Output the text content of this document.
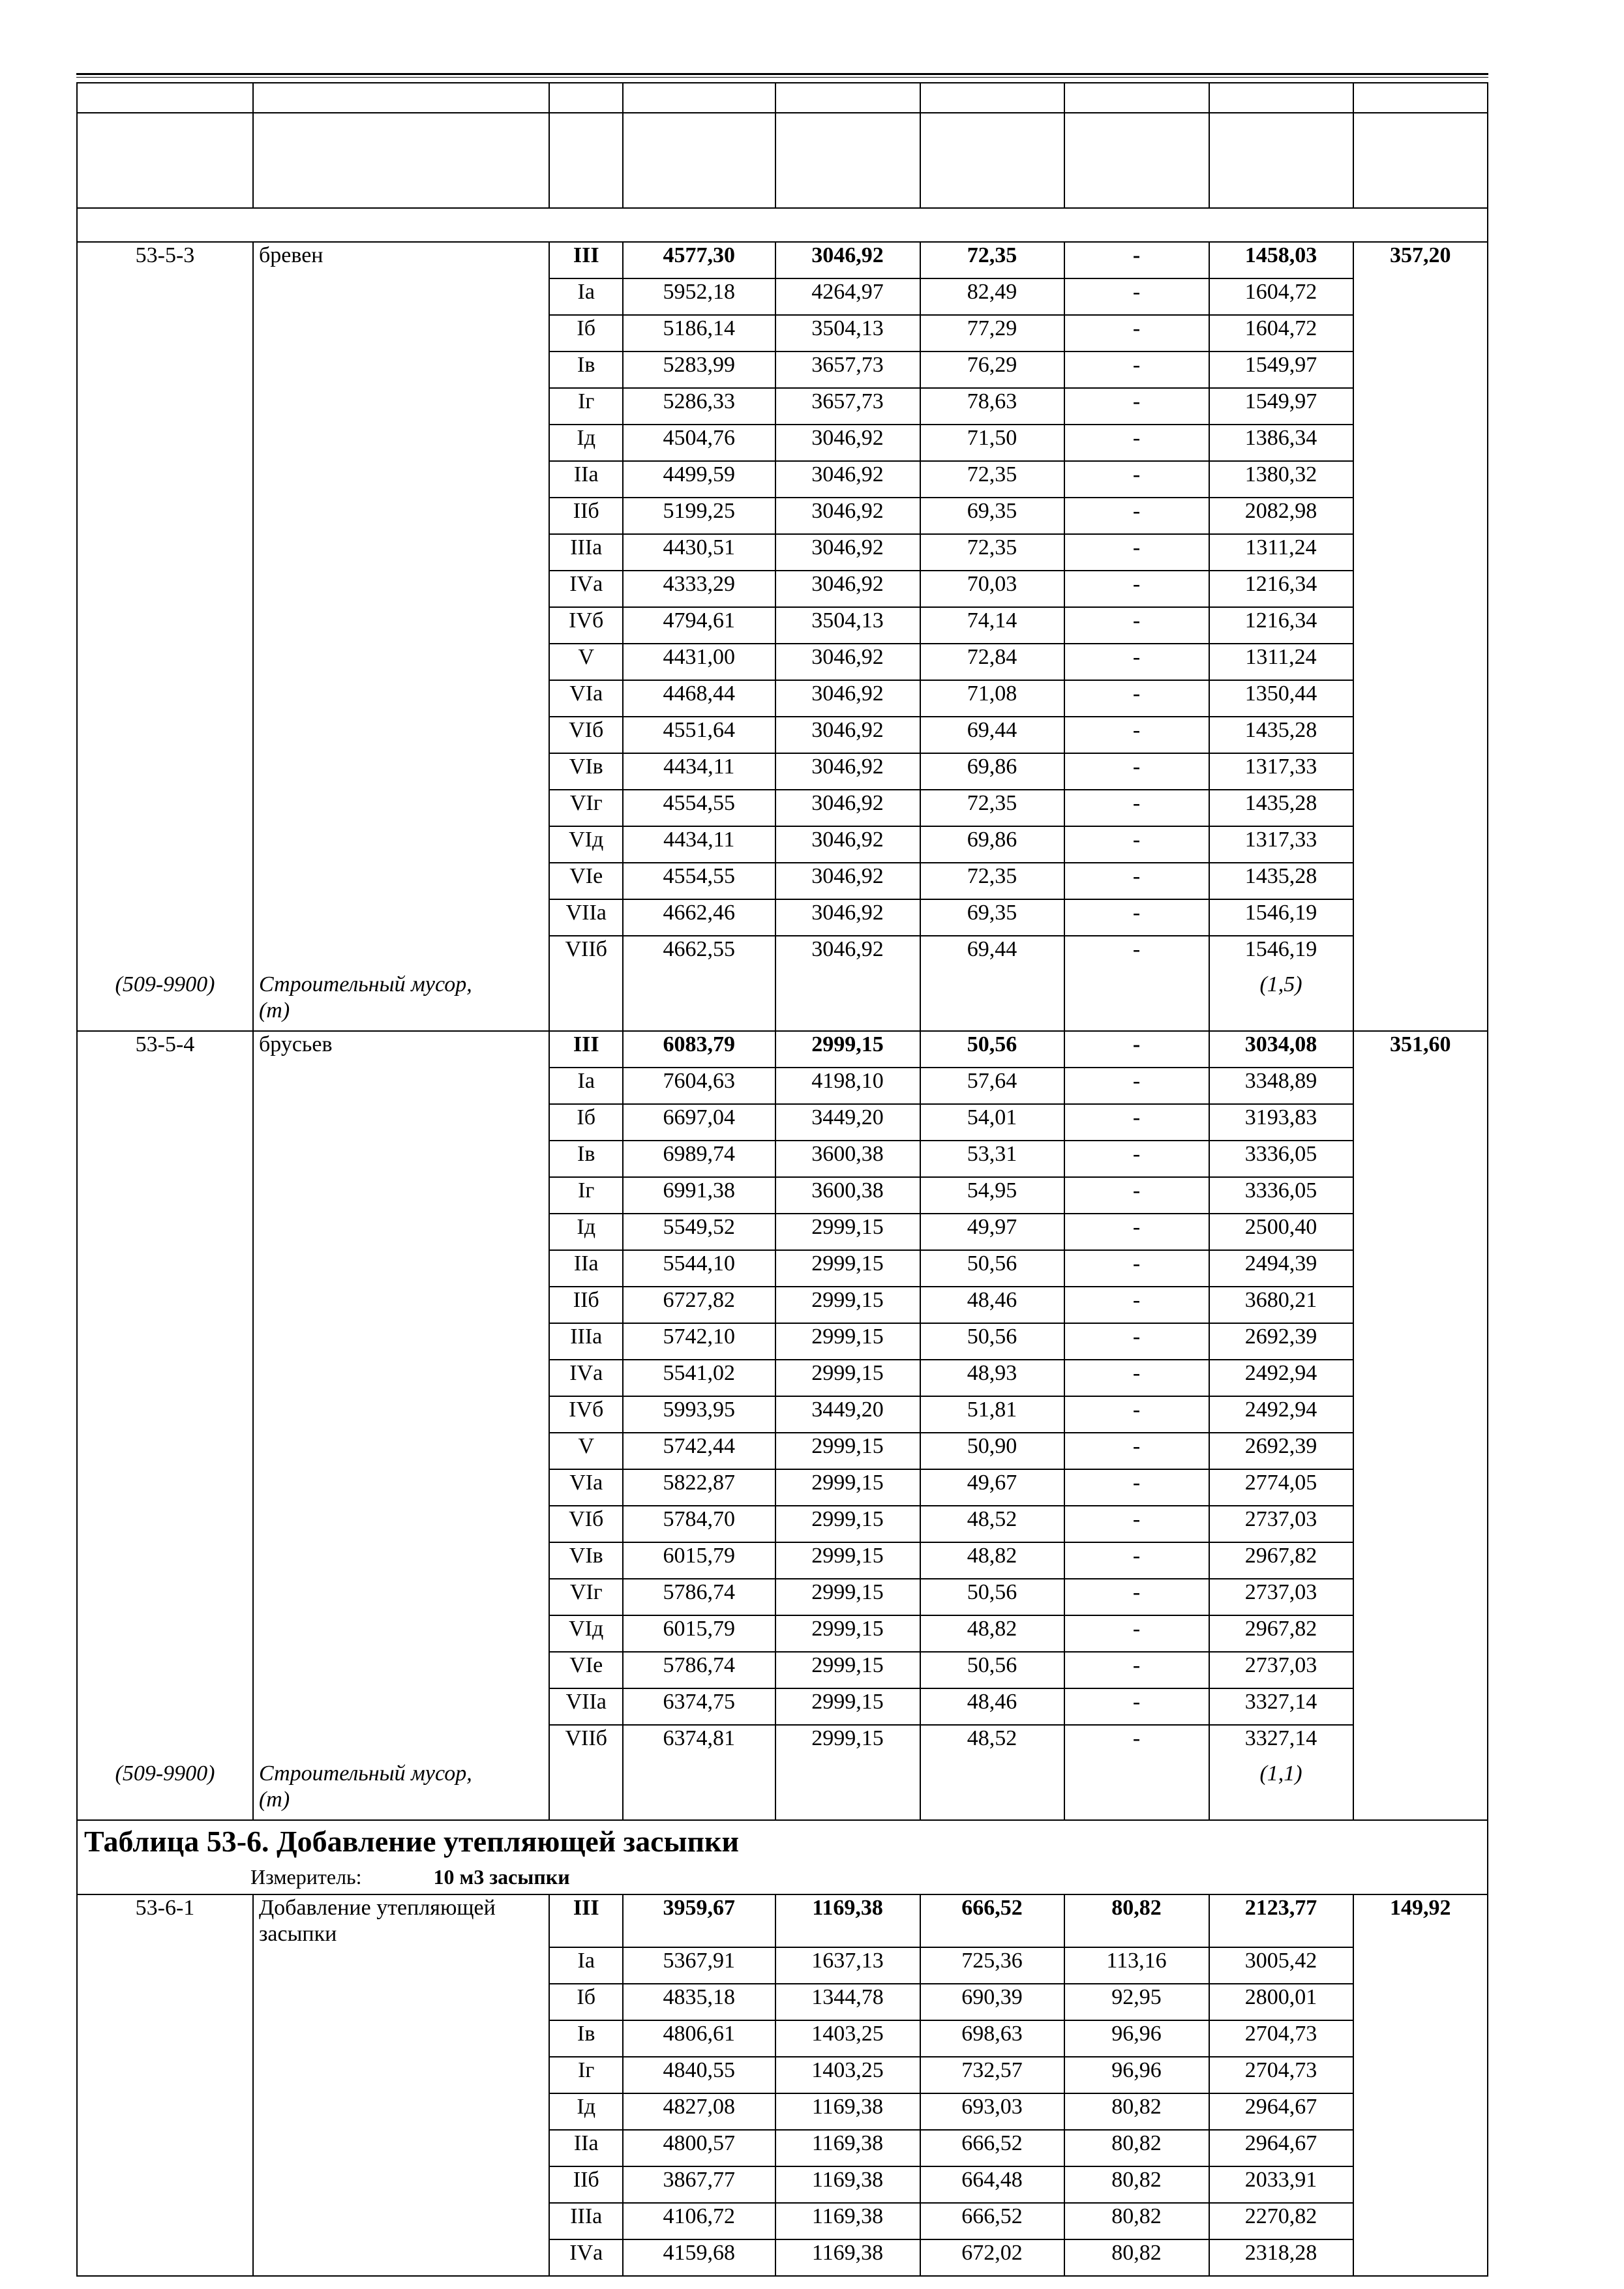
53-5-3	бревен	III	4577,30	3046,92	72,35	-	1458,03	357,20
		Iа	5952,18	4264,97	82,49	-	1604,72	
		Iб	5186,14	3504,13	77,29	-	1604,72	
		Iв	5283,99	3657,73	76,29	-	1549,97	
		Iг	5286,33	3657,73	78,63	-	1549,97	
		Iд	4504,76	3046,92	71,50	-	1386,34	
		IIа	4499,59	3046,92	72,35	-	1380,32	
		IIб	5199,25	3046,92	69,35	-	2082,98	
		IIIа	4430,51	3046,92	72,35	-	1311,24	
		IVа	4333,29	3046,92	70,03	-	1216,34	
		IVб	4794,61	3504,13	74,14	-	1216,34	
		V	4431,00	3046,92	72,84	-	1311,24	
		VIа	4468,44	3046,92	71,08	-	1350,44	
		VIб	4551,64	3046,92	69,44	-	1435,28	
		VIв	4434,11	3046,92	69,86	-	1317,33	
		VIг	4554,55	3046,92	72,35	-	1435,28	
		VIд	4434,11	3046,92	69,86	-	1317,33	
		VIе	4554,55	3046,92	72,35	-	1435,28	
		VIIа	4662,46	3046,92	69,35	-	1546,19	
		VIIб	4662,55	3046,92	69,44	-	1546,19	
(509-9900)	Строительный мусор, (т)						(1,5)	
53-5-4	брусьев	III	6083,79	2999,15	50,56	-	3034,08	351,60
		Iа	7604,63	4198,10	57,64	-	3348,89	
		Iб	6697,04	3449,20	54,01	-	3193,83	
		Iв	6989,74	3600,38	53,31	-	3336,05	
		Iг	6991,38	3600,38	54,95	-	3336,05	
		Iд	5549,52	2999,15	49,97	-	2500,40	
		IIа	5544,10	2999,15	50,56	-	2494,39	
		IIб	6727,82	2999,15	48,46	-	3680,21	
		IIIа	5742,10	2999,15	50,56	-	2692,39	
		IVа	5541,02	2999,15	48,93	-	2492,94	
		IVб	5993,95	3449,20	51,81	-	2492,94	
		V	5742,44	2999,15	50,90	-	2692,39	
		VIа	5822,87	2999,15	49,67	-	2774,05	
		VIб	5784,70	2999,15	48,52	-	2737,03	
		VIв	6015,79	2999,15	48,82	-	2967,82	
		VIг	5786,74	2999,15	50,56	-	2737,03	
		VIд	6015,79	2999,15	48,82	-	2967,82	
		VIе	5786,74	2999,15	50,56	-	2737,03	
		VIIа	6374,75	2999,15	48,46	-	3327,14	
		VIIб	6374,81	2999,15	48,52	-	3327,14	
(509-9900)	Строительный мусор, (т)						(1,1)	
Таблица 53-6. Добавление утепляющей засыпки								
Измеритель: 10 м3 засыпки								
53-6-1	Добавление утепляющей засыпки	III	3959,67	1169,38	666,52	80,82	2123,77	149,92
		Iа	5367,91	1637,13	725,36	113,16	3005,42	
		Iб	4835,18	1344,78	690,39	92,95	2800,01	
		Iв	4806,61	1403,25	698,63	96,96	2704,73	
		Iг	4840,55	1403,25	732,57	96,96	2704,73	
		Iд	4827,08	1169,38	693,03	80,82	2964,67	
		IIа	4800,57	1169,38	666,52	80,82	2964,67	
		IIб	3867,77	1169,38	664,48	80,82	2033,91	
		IIIа	4106,72	1169,38	666,52	80,82	2270,82	
		IVа	4159,68	1169,38	672,02	80,82	2318,28	
